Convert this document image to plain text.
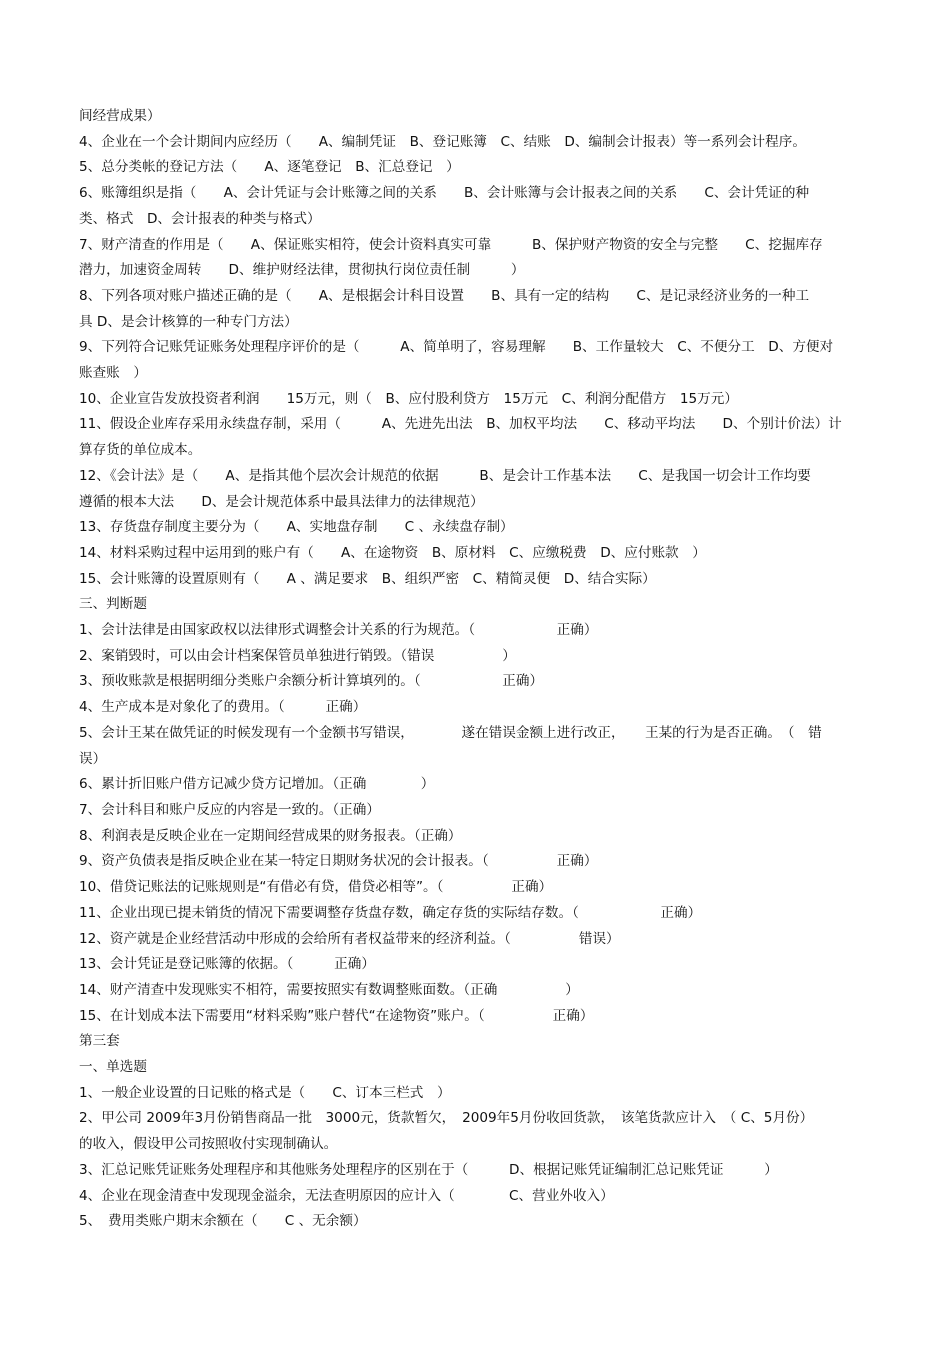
间经营成果）
4、企业在一个会计期间内应经历（　　A、编制凭证　B、登记账簿　C、结账　D、编制会计报表）等一系列会计程序。
5、总分类帐的登记方法（　　A、逐笔登记　B、汇总登记　）
6、账簿组织是指（　　A、会计凭证与会计账簿之间的关系　　B、会计账簿与会计报表之间的关系　　C、会计凭证的种
类、格式　D、会计报表的种类与格式）
7、财产清查的作用是（　　A、保证账实相符，使会计资料真实可靠　　　B、保护财产物资的安全与完整　　C、挖掘库存
潜力，加速资金周转　　D、维护财经法律，贯彻执行岗位责任制　　　）
8、下列各项对账户描述正确的是（　　A、是根据会计科目设置　　B、具有一定的结构　　C、是记录经济业务的一种工
具 D、是会计核算的一种专门方法）
9、下列符合记账凭证账务处理程序评价的是（　　　A、简单明了，容易理解　　B、工作量较大　C、不便分工　D、方便对
账查账　）
10、企业宣告发放投资者利润　　15万元，则（　B、应付股利贷方　15万元　C、利润分配借方　15万元）
11、假设企业库存采用永续盘存制，采用（　　　A、先进先出法　B、加权平均法　　C、移动平均法　　D、个别计价法）计
算存货的单位成本。
12、《会计法》是（　　A、是指其他个层次会计规范的依据　　　B、是会计工作基本法　　C、是我国一切会计工作均要
遵循的根本大法　　D、是会计规范体系中最具法律力的法律规范）
13、存货盘存制度主要分为（　　A、实地盘存制　　C 、永续盘存制）
14、材料采购过程中运用到的账户有（　　A、在途物资　B、原材料　C、应缴税费　D、应付账款　）
15、会计账簿的设置原则有（　　A 、满足要求　B、组织严密　C、精简灵便　D、结合实际）
三、判断题
1、会计法律是由国家政权以法律形式调整会计关系的行为规范。（　　　　　　正确）
2、案销毁时，可以由会计档案保管员单独进行销毁。（错误　　　　　）
3、预收账款是根据明细分类账户余额分析计算填列的。（　　　　　　正确）
4、生产成本是对象化了的费用。（　　　正确）
5、会计王某在做凭证的时候发现有一个金额书写错误，　　　　遂在错误金额上进行改正，　　王某的行为是否正确。　（　错
误）
6、累计折旧账户借方记减少贷方记增加。（正确　　　　）
7、会计科目和账户反应的内容是一致的。（正确）
8、利润表是反映企业在一定期间经营成果的财务报表。（正确）
9、资产负债表是指反映企业在某一特定日期财务状况的会计报表。（　　　　　正确）
10、借贷记账法的记账规则是“有借必有贷，借贷必相等”。（　　　　　正确）
11、企业出现已提未销货的情况下需要调整存货盘存数，确定存货的实际结存数。（　　　　　　正确）
12、资产就是企业经营活动中形成的会给所有者权益带来的经济利益。（　　　　　错误）
13、会计凭证是登记账簿的依据。（　　　正确）
14、财产清查中发现账实不相符，需要按照实有数调整账面数。（正确　　　　　）
15、在计划成本法下需要用“材料采购”账户替代“在途物资”账户。（　　　　　正确）
第三套
一、单选题
1、一般企业设置的日记账的格式是（　　C、订本三栏式　）
2、甲公司 2009年3月份销售商品一批　3000元，货款暂欠，　2009年5月份收回货款，　该笔货款应计入　（ C、5月份）
的收入，假设甲公司按照收付实现制确认。
3、汇总记账凭证账务处理程序和其他账务处理程序的区别在于（　　　D、根据记账凭证编制汇总记账凭证　　　）
4、企业在现金清查中发现现金溢余，无法查明原因的应计入（　　　　C、营业外收入）
5、　费用类账户期末余额在（　　C 、无余额）
